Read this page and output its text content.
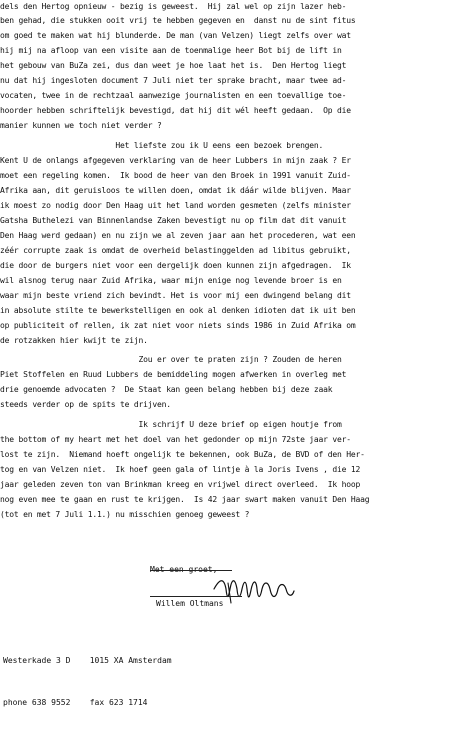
dels den Hertog opnieuw - bezig is geweest.  Hij zal wel op zijn lazer heb-
ben gehad, die stukken ooit vrij te hebben gegeven en  danst nu de sint fitus
om goed te maken wat hij blunderde. De man (van Velzen) liegt zelfs over wat
hij mij na afloop van een visite aan de toenmalige heer Bot bij de lift in
het gebouw van BuZa zei, dus dan weet je hoe laat het is.  Den Hertog liegt
nu dat hij ingesloten document 7 Juli niet ter sprake bracht, maar twee ad-
vocaten, twee in de rechtzaal aanwezige journalisten en een toevallige toe-
hoorder hebben schriftelijk bevestigd, dat hij dit wél heeft gedaan.  Op die
manier kunnen we toch niet verder ?
Het liefste zou ik U eens een bezoek brengen.
Kent U de onlangs afgegeven verklaring van de heer Lubbers in mijn zaak ? Er
moet een regeling komen.  Ik bood de heer van den Broek in 1991 vanuit Zuid-
Afrika aan, dit geruisloos te willen doen, omdat ik dáár wilde blijven. Maar
ik moest zo nodig door Den Haag uit het land worden gesmeten (zelfs minister
Gatsha Buthelezi van Binnenlandse Zaken bevestigt nu op film dat dit vanuit
Den Haag werd gedaan) en nu zijn we al zeven jaar aan het procederen, wat een
zéér corrupte zaak is omdat de overheid belastinggelden ad libitus gebruikt,
die door de burgers niet voor een dergelijk doen kunnen zijn afgedragen.  Ik
wil alsnog terug naar Zuid Afrika, waar mijn enige nog levende broer is en
waar mijn beste vriend zich bevindt. Het is voor mij een dwingend belang dit
in absolute stilte te bewerkstelligen en ook al denken idioten dat ik uit ben
op publiciteit of rellen, ik zat niet voor niets sinds 1986 in Zuid Afrika om
de rotzakken hier kwijt te zijn.
Zou er over te praten zijn ? Zouden de heren
Piet Stoffelen en Ruud Lubbers de bemiddeling mogen afwerken in overleg met
drie genoemde advocaten ?  De Staat kan geen belang hebben bij deze zaak
steeds verder op de spits te drijven.
Ik schrijf U deze brief op eigen houtje from
the bottom of my heart met het doel van het gedonder op mijn 72ste jaar ver-
lost te zijn.  Niemand hoeft ongelijk te bekennen, ook BuZa, de BVD of den Her-
tog en van Velzen niet.  Ik hoef geen gala of lintje à la Joris Ivens , die 12
jaar geleden zeven ton van Brinkman kreeg en vrijwel direct overleed.  Ik hoop
nog even mee te gaan en rust te krijgen.  Is 42 jaar swart maken vanuit Den Haag
(tot en met 7 Juli 1.1.) nu misschien genoeg geweest ?
Willem Oltmans

Westerkade 3 D    1015 XA Amsterdam

phone 638 9552    fax 623 1714
